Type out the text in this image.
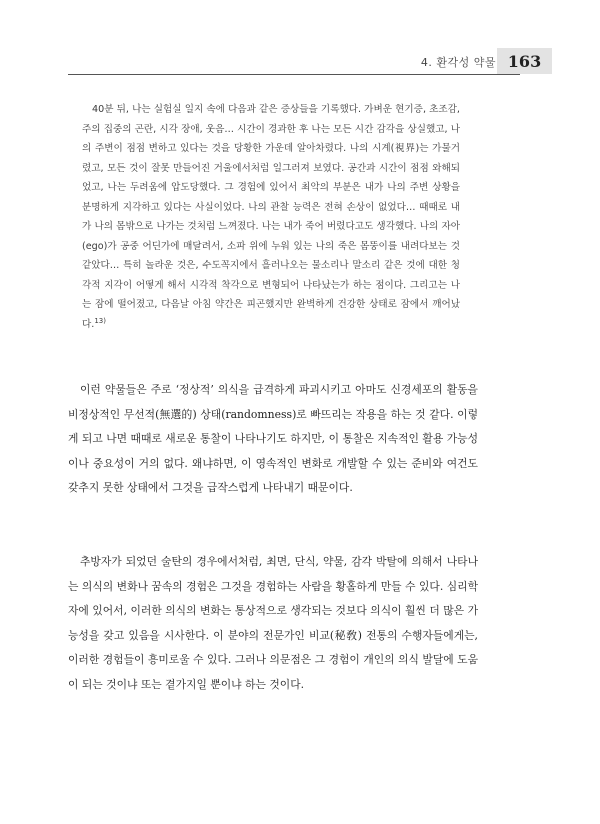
4. 환각성 약물 163
40분 뒤, 나는 실험실 일지 속에 다음과 같은 증상들을 기록했다. 가벼운 현기증, 초조감, 주의 집중의 곤란, 시각 장애, 웃음… 시간이 경과한 후 나는 모든 시간 감각을 상실했고, 나의 주변이 점점 변하고 있다는 것을 당황한 가운데 알아차렸다. 나의 시계(視界)는 가물거렸고, 모든 것이 잘못 만들어진 거울에서처럼 일그러져 보였다. 공간과 시간이 점점 와해되었고, 나는 두려움에 압도당했다. 그 경험에 있어서 최악의 부분은 내가 나의 주변 상황을 분명하게 지각하고 있다는 사실이었다. 나의 관찰 능력은 전혀 손상이 없었다… 때때로 내가 나의 몸밖으로 나가는 것처럼 느껴졌다. 나는 내가 죽어 버렸다고도 생각했다. 나의 자아(ego)가 공중 어딘가에 매달려서, 소파 위에 누워 있는 나의 죽은 몸뚱이를 내려다보는 것 같았다… 특히 놀라운 것은, 수도꼭지에서 흘러나오는 물소리나 말소리 같은 것에 대한 청각적 지각이 어떻게 해서 시각적 착각으로 변형되어 나타났는가 하는 점이다. 그리고는 나는 잠에 떨어졌고, 다음날 아침 약간은 피곤했지만 완벽하게 건강한 상태로 잠에서 깨어났다.$^{13)}$

이런 약물들은 주로 ‘정상적’ 의식을 급격하게 파괴시키고 아마도 신경세포의 활동을 비정상적인 무선적(無選的) 상태(randomness)로 빠뜨리는 작용을 하는 것 같다. 이렇게 되고 나면 때때로 새로운 통찰이 나타나기도 하지만, 이 통찰은 지속적인 활용 가능성이나 중요성이 거의 없다. 왜냐하면, 이 영속적인 변화로 개발할 수 있는 준비와 여건도 갖추지 못한 상태에서 그것을 급작스럽게 나타내기 때문이다.

추방자가 되었던 술탄의 경우에서처럼, 최면, 단식, 약물, 감각 박탈에 의해서 나타나는 의식의 변화나 꿈속의 경험은 그것을 경험하는 사람을 황홀하게 만들 수 있다. 심리학자에 있어서, 이러한 의식의 변화는 통상적으로 생각되는 것보다 의식이 훨씬 더 많은 가능성을 갖고 있음을 시사한다. 이 분야의 전문가인 비교(秘敎) 전통의 수행자들에게는, 이러한 경험들이 흥미로울 수 있다. 그러나 의문점은 그 경험이 개인의 의식 발달에 도움이 되는 것이냐 또는 곁가지일 뿐이냐 하는 것이다.
